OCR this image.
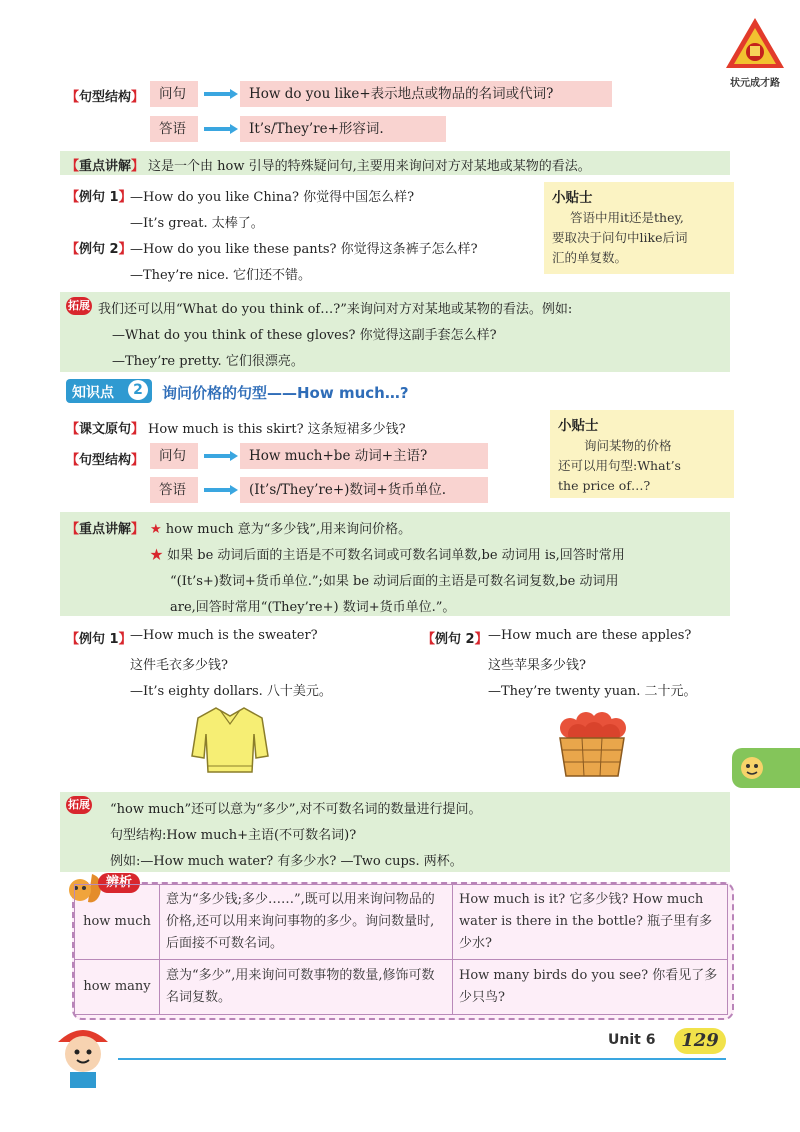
状元成才路
【句型结构】	问句	How do you like+表示地点或物品的名词或代词?
答语	It’s/They’re+形容词.
【重点讲解】 这是一个由 how 引导的特殊疑问句,主要用来询问对方对某地或某物的看法。
【例句 1】
—How do you like China? 你觉得中国怎么样?
—It’s great. 太棒了。
【例句 2】
—How do you like these pants? 你觉得这条裤子怎么样?
—They’re nice. 它们还不错。
小贴士
答语中用it还是they,
要取决于问句中like后词
汇的单复数。
拓展 我们还可以用“What do you think of…?”来询问对方对某地或某物的看法。例如:
—What do you think of these gloves? 你觉得这副手套怎么样?
—They’re pretty. 它们很漂亮。
知识点	2	询问价格的句型——How much…?
【课文原句】 How much is this skirt? 这条短裙多少钱?
【句型结构】	问句	How much+be 动词+主语?
答语	(It’s/They’re+)数词+货币单位.
小贴士
询问某物的价格
还可以用句型:What’s
the price of…?
【重点讲解】 ★ how much 意为“多少钱”,用来询问价格。
★ 如果 be 动词后面的主语是不可数名词或可数名词单数,be 动词用 is,回答时常用
“(It’s+)数词+货币单位.”;如果 be 动词后面的主语是可数名词复数,be 动词用
are,回答时常用“(They’re+) 数词+货币单位.”。
【例句 1】
—How much is the sweater?
这件毛衣多少钱?
—It’s eighty dollars. 八十美元。
【例句 2】 —How much are these apples?
这些苹果多少钱?
—They’re twenty yuan. 二十元。
拓展 “how much”还可以意为“多少”,对不可数名词的数量进行提问。
句型结构:How much+主语(不可数名词)?
例如:—How much water? 有多少水? —Two cups. 两杯。
辨析
how much	意为“多少钱;多少……”,既可以用来询问物品的价格,还可以用来询问事物的多少。询问数量时,后面接不可数名词。	How much is it? 它多少钱? How much water is there in the bottle? 瓶子里有多少水?
how many	意为“多少”,用来询问可数事物的数量,修饰可数名词复数。	How many birds do you see? 你看见了多少只鸟?
Unit 6	129
